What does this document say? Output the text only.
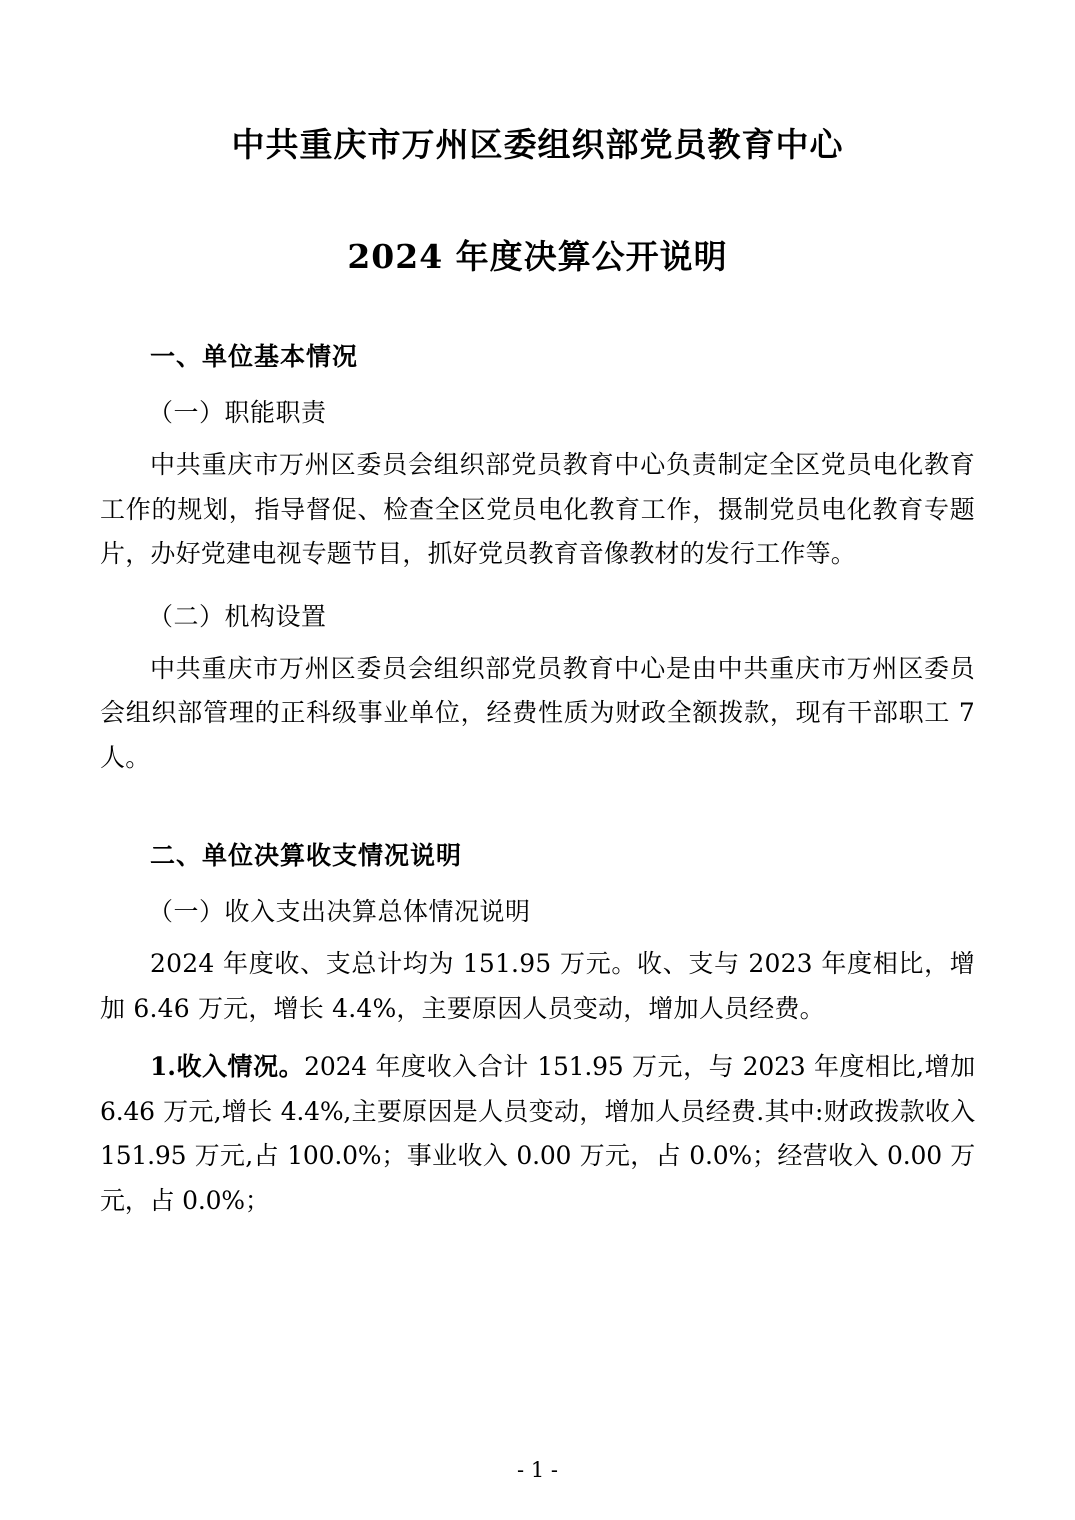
中共重庆市万州区委组织部党员教育中心
2024 年度决算公开说明
一、单位基本情况
（一）职能职责
中共重庆市万州区委员会组织部党员教育中心负责制定全区党员电化教育工作的规划，指导督促、检查全区党员电化教育工作，摄制党员电化教育专题片，办好党建电视专题节目，抓好党员教育音像教材的发行工作等。
（二）机构设置
中共重庆市万州区委员会组织部党员教育中心是由中共重庆市万州区委员会组织部管理的正科级事业单位，经费性质为财政全额拨款，现有干部职工 7 人。
二、单位决算收支情况说明
（一）收入支出决算总体情况说明
2024 年度收、支总计均为 151.95 万元。收、支与 2023 年度相比，增加 6.46 万元，增长 4.4%，主要原因人员变动，增加人员经费。
1.收入情况。2024 年度收入合计 151.95 万元，与 2023 年度相比,增加 6.46 万元,增长 4.4%,主要原因是人员变动，增加人员经费.其中:财政拨款收入 151.95 万元,占 100.0%；事业收入 0.00 万元，占 0.0%；经营收入 0.00 万元，占 0.0%；
- 1 -
